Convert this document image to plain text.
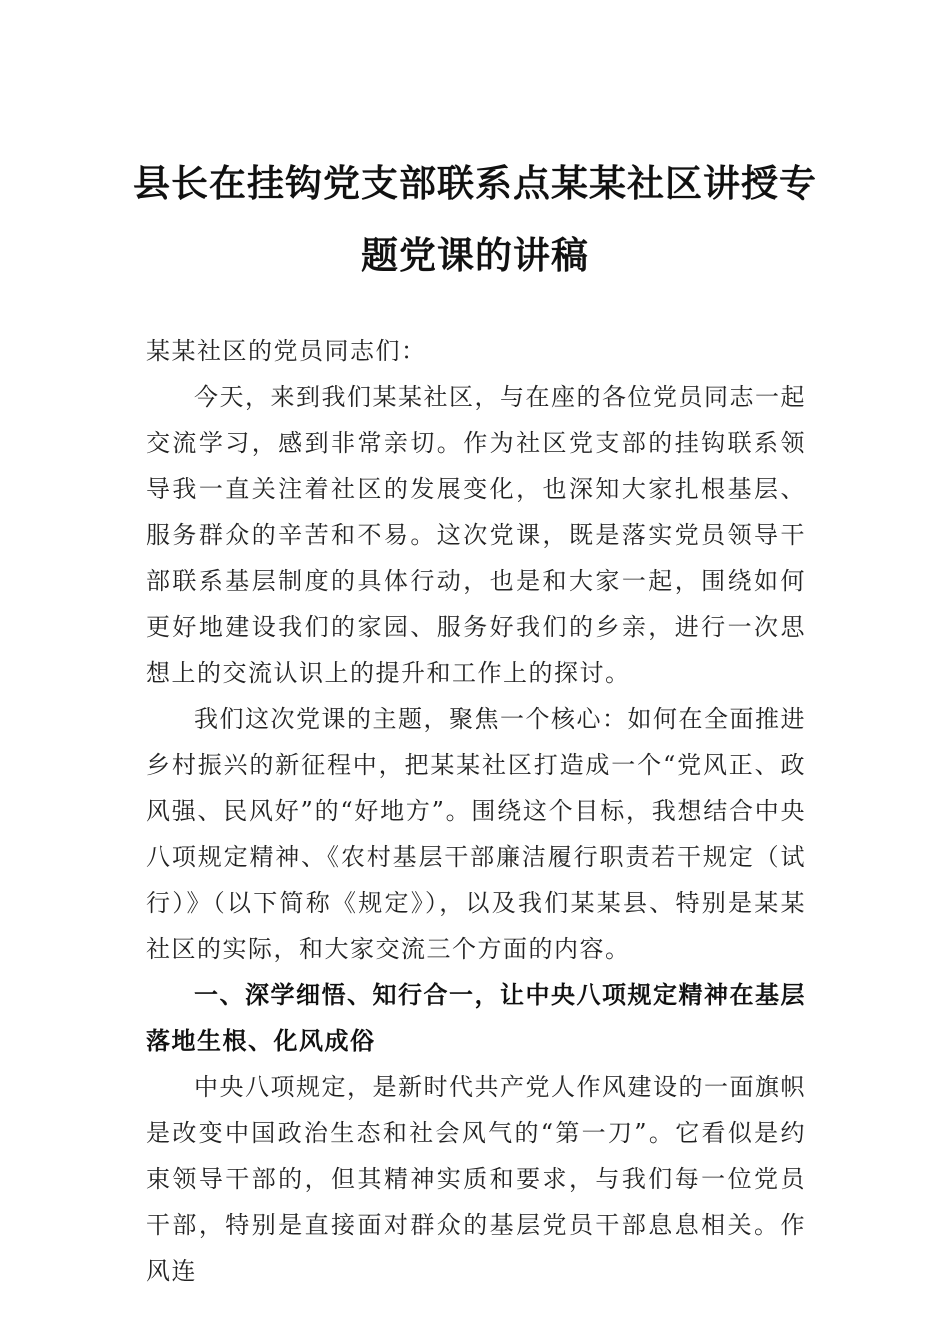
县长在挂钩党支部联系点某某社区讲授专题党课的讲稿
某某社区的党员同志们：
今天，来到我们某某社区，与在座的各位党员同志一起交流学习，感到非常亲切。作为社区党支部的挂钩联系领导我一直关注着社区的发展变化，也深知大家扎根基层、服务群众的辛苦和不易。这次党课，既是落实党员领导干部联系基层制度的具体行动，也是和大家一起，围绕如何更好地建设我们的家园、服务好我们的乡亲，进行一次思想上的交流认识上的提升和工作上的探讨。
我们这次党课的主题，聚焦一个核心：如何在全面推进乡村振兴的新征程中，把某某社区打造成一个“党风正、政风强、民风好”的“好地方”。围绕这个目标，我想结合中央八项规定精神、《农村基层干部廉洁履行职责若干规定（试行）》（以下简称《规定》），以及我们某某县、特别是某某社区的实际，和大家交流三个方面的内容。
一、深学细悟、知行合一，让中央八项规定精神在基层落地生根、化风成俗
中央八项规定，是新时代共产党人作风建设的一面旗帜是改变中国政治生态和社会风气的“第一刀”。它看似是约束领导干部的，但其精神实质和要求，与我们每一位党员干部，特别是直接面对群众的基层党员干部息息相关。作风连
